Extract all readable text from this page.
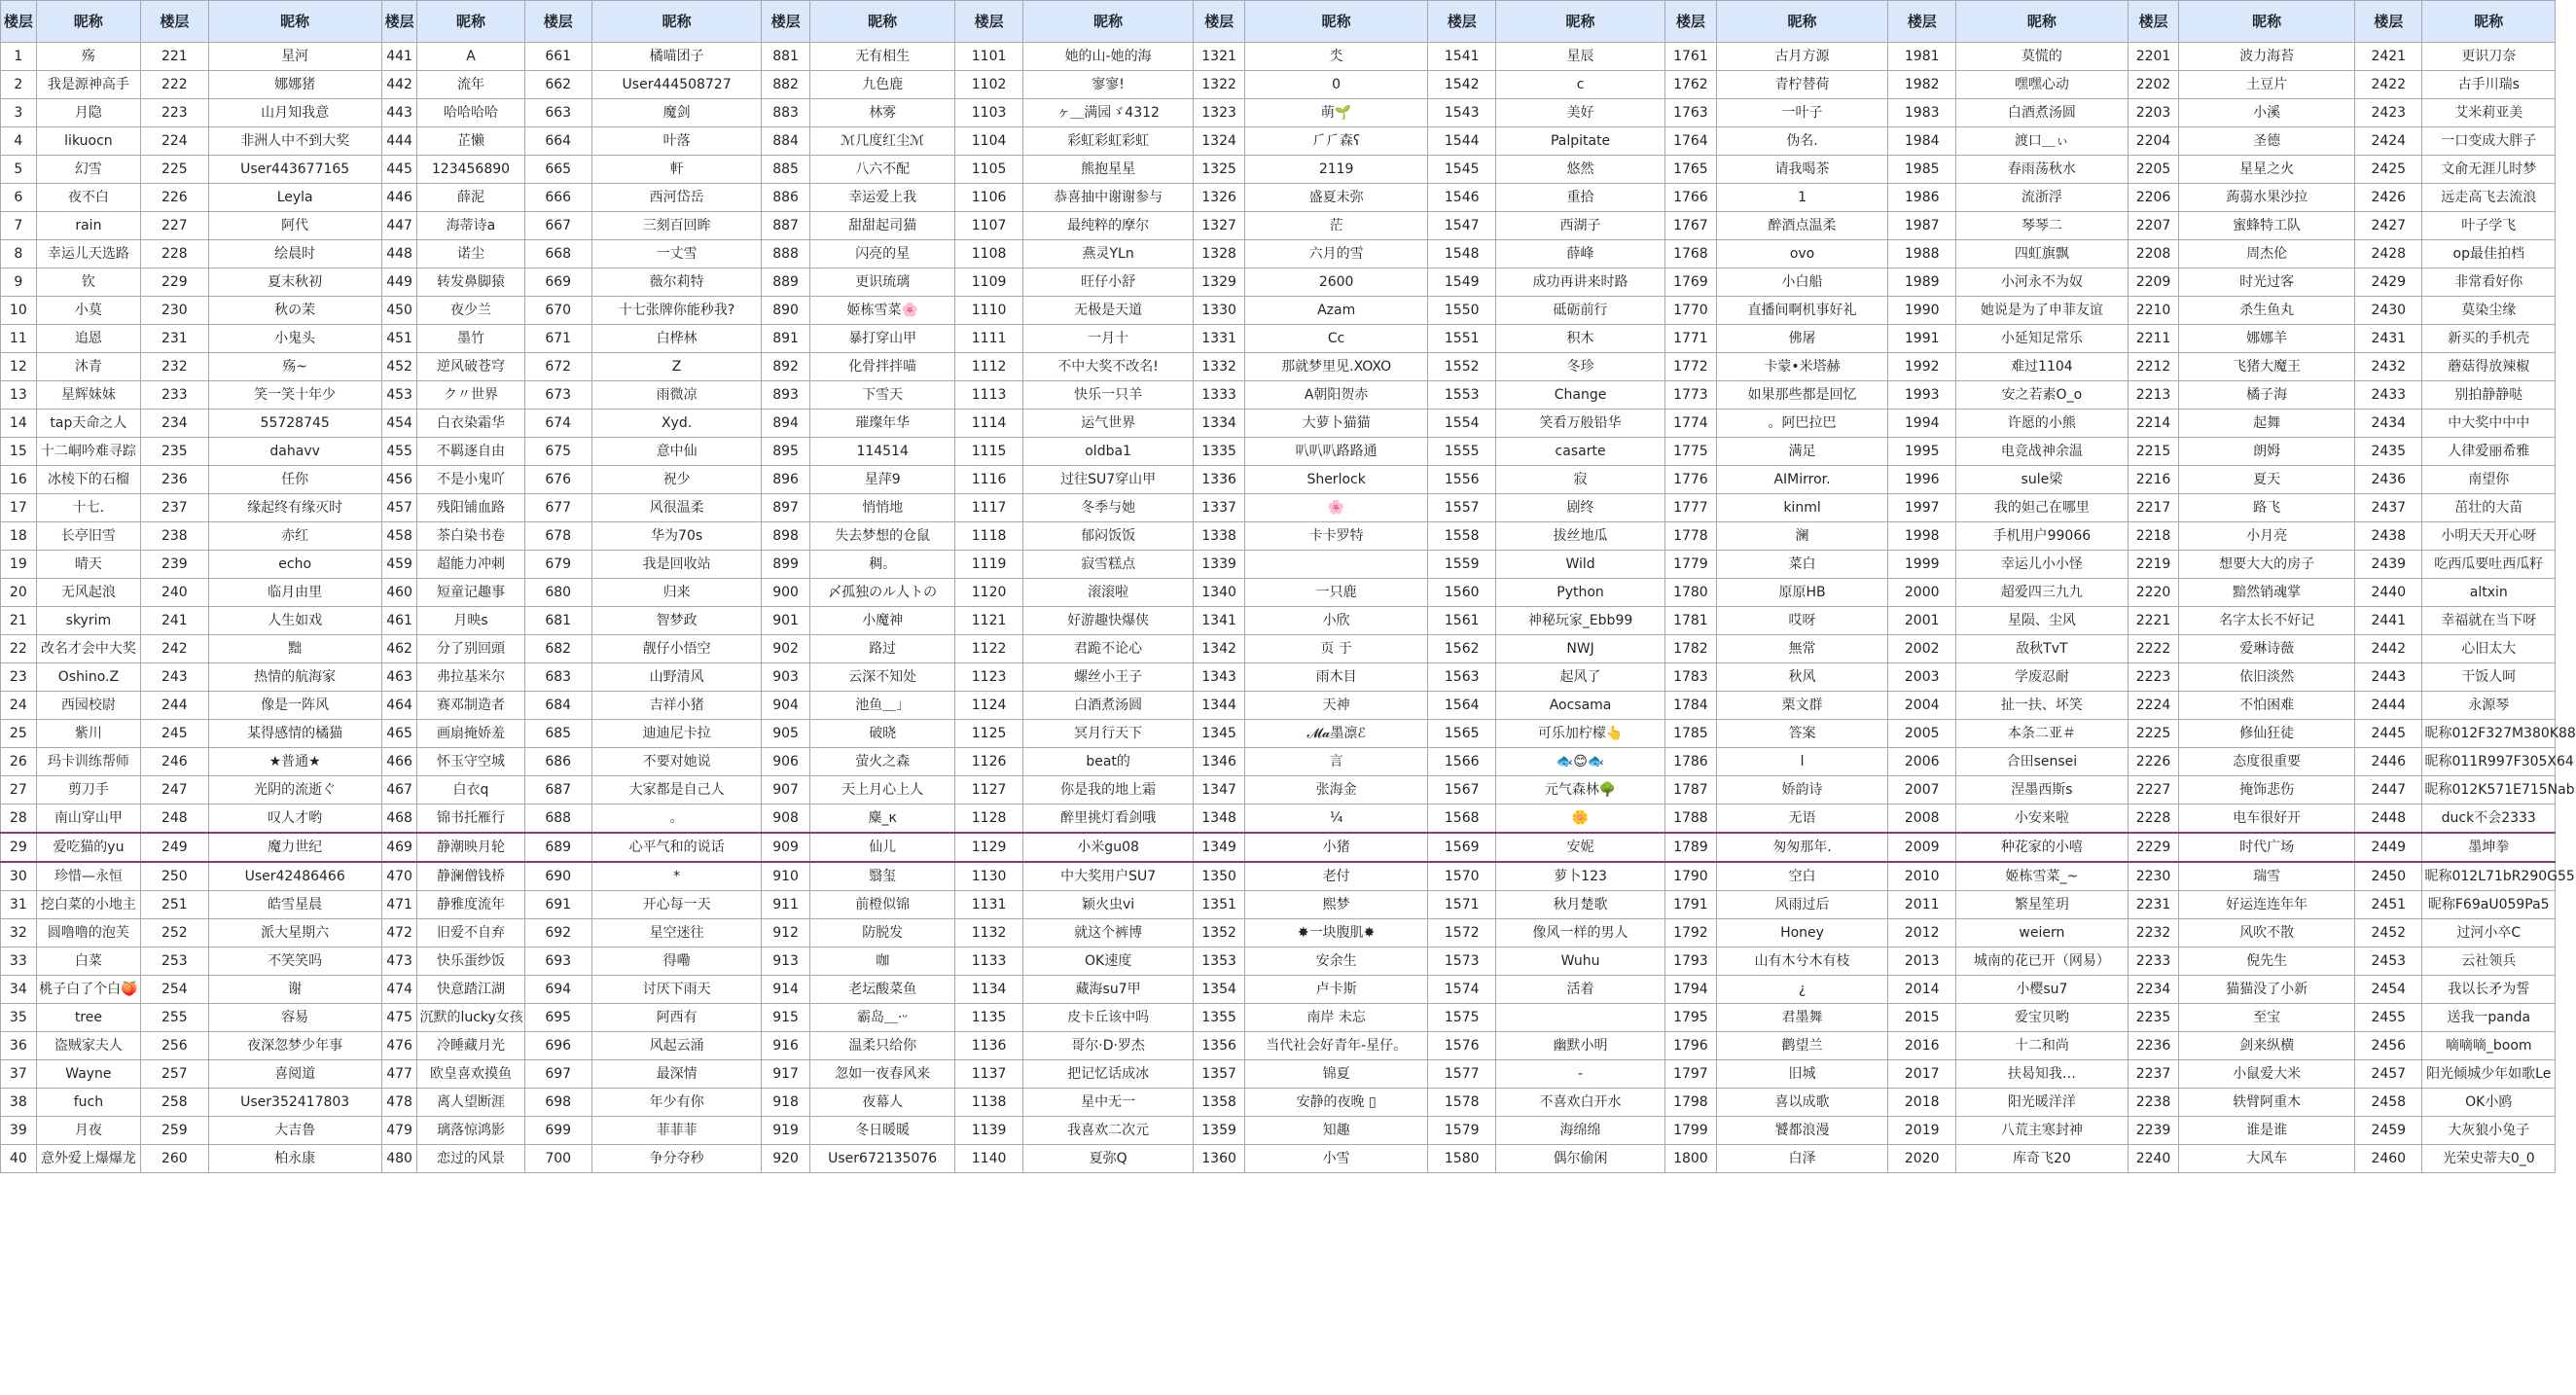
楼层	昵称	楼层	昵称	楼层	昵称	楼层	昵称	楼层	昵称	楼层	昵称	楼层	昵称	楼层	昵称	楼层	昵称	楼层	昵称	楼层	昵称	楼层	昵称
1	殇	221	星河	441	A	661	橘喵团子	881	无有相生	1101	她的山-她的海	1321	氼	1541	星辰	1761	古月方源	1981	莫慌的	2201	波力海苔	2421	更识刀奈
2	我是源神高手	222	娜娜猪	442	流年	662	User444508727	882	九色鹿	1102	寥寥!	1322	0	1542	c	1762	青柠替荷	1982	嘿嘿心动	2202	土豆片	2422	古手川瑞s
3	月隐	223	山月知我意	443	哈哈哈哈	663	魔剑	883	林雾	1103	ヶ＿满园ゞ4312	1323	萌🌱	1543	美好	1763	一叶子	1983	白酒煮汤圆	2203	小溪	2423	艾米莉亚美
4	likuocn	224	非洲人中不到大奖	444	芷懒	664	叶落	884	ℳ几度红尘ℳ	1104	彩虹彩虹彩虹	1324	⺁⺁森ʕ	1544	Palpitate	1764	伪名.	1984	渡口＿ぃ	2204	圣德	2424	一口变成大胖子
5	幻雪	225	User443677165	445	123456890	665	軒	885	八六不配	1105	熊抱星星	1325	2119	1545	悠然	1765	请我喝茶	1985	春雨荡秋水	2205	星星之火	2425	文俞无涯儿时梦
6	夜不白	226	Leyla	446	薛泥	666	西河岱岳	886	幸运爱上我	1106	恭喜抽中谢谢参与	1326	盛夏未弥	1546	重拾	1766	1	1986	流浙浮	2206	蒟蒻水果沙拉	2426	远走高飞去流浪
7	rain	227	阿代	447	海蒂诗a	667	三刻百回眸	887	甜甜起司猫	1107	最纯粹的摩尔	1327	茫	1547	西湖子	1767	醉酒点温柔	1987	琴琴二	2207	蜜蜂特工队	2427	叶子学飞
8	幸运儿天选路	228	绘晨时	448	诺尘	668	一丈雪	888	闪亮的星	1108	燕灵YLn	1328	六月的雪	1548	薛峰	1768	ovo	1988	四虹旗飘	2208	周杰伦	2428	op最佳拍档
9	钦	229	夏末秋初	449	转发鼻脚猿	669	薇尔莉特	889	更识琉璃	1109	旺仔小舒	1329	2600	1549	成功再讲来时路	1769	小白船	1989	小河永不为奴	2209	时光过客	2429	非常看好你
10	小莫	230	秋の茉	450	夜少兰	670	十七张牌你能秒我?	890	姬栋雪菜🌸	1110	无极是天道	1330	Azam	1550	砥砺前行	1770	直播间啊机事好礼	1990	她说是为了申菲友谊	2210	杀生鱼丸	2430	莫染尘缘
11	追恩	231	小鬼头	451	墨竹	671	白桦林	891	暴打穿山甲	1111	一月十	1331	Cc	1551	积木	1771	佛屠	1991	小延知足常乐	2211	娜娜羊	2431	新买的手机壳
12	沐青	232	殇~	452	逆风破苍穹	672	Z	892	化骨拌拌喵	1112	不中大奖不改名!	1332	那就梦里见.XOXO	1552	冬珍	1772	卡蒙•米塔赫	1992	难过1104	2212	飞猪大魔王	2432	蘑菇得放辣椒
13	星辉妹妹	233	笑一笑十年少	453	ク〃世界	673	雨微凉	893	下雪天	1113	快乐一只羊	1333	A朝阳贺赤	1553	Change	1773	如果那些都是回忆	1993	安之若素O_o	2213	橘子海	2433	别拍静静哒
14	tap天命之人	234	55728745	454	白衣染霜华	674	Xyd.	894	璀璨年华	1114	运气世界	1334	大萝卜猫猫	1554	笑看万般铅华	1774	。阿巴拉巴	1994	许愿的小熊	2214	起舞	2434	中大奖中中中
15	十二峒吟难寻踪	235	dahavv	455	不羁逐自由	675	意中仙	895	114514	1115	oldba1	1335	叭叭叭路路通	1555	casarte	1775	满足	1995	电竞战神余温	2215	朗姆	2435	人律爱丽希雅
16	冰棱下的石榴	236	任你	456	不是小鬼吖	676	祝少	896	星萍9	1116	过往SU7穿山甲	1336	Sherlock	1556	寂	1776	AIMirror.	1996	sule梁	2216	夏天	2436	南望你
17	十七.	237	缘起终有缘灭时	457	残阳铺血路	677	风很温柔	897	悄悄地	1117	冬季与她	1337	🌸	1557	剧终	1777	kinml	1997	我的妲己在哪里	2217	路飞	2437	茁壮的大苗
18	长亭旧雪	238	赤红	458	茶白染书卷	678	华为70s	898	失去梦想的仓鼠	1118	郁闷饭饭	1338	卡卡罗特	1558	拔丝地瓜	1778	澜	1998	手机用户99066	2218	小月亮	2438	小明天天开心呀
19	晴天	239	echo	459	超能力冲刺	679	我是回收站	899	稠。	1119	寂雪糕点	1339		1559	Wild	1779	菜白	1999	幸运儿小小怪	2219	想要大大的房子	2439	吃西瓜要吐西瓜籽
20	无风起浪	240	临月由里	460	短童记趣事	680	归来	900	〆孤独のル人トの	1120	滚滚啦	1340	一只鹿	1560	Python	1780	原原HB	2000	超爱四三九九	2220	黯然销魂掌	2440	altxin
21	skyrim	241	人生如戏	461	月映s	681	智梦政	901	小魔神	1121	好游趣快爆侠	1341	小欣	1561	神秘玩家_Ebb99	1781	哎呀	2001	星陨、尘风	2221	名字太长不好记	2441	幸福就在当下呀
22	改名才会中大奖	242	黜	462	分了别回頭	682	靓仔小悟空	902	路过	1122	君跪不论心	1342	页 于	1562	NWJ	1782	無常	2002	敌秋TvT	2222	爱琳诗薇	2442	心旧太大
23	Oshino.Z	243	热情的航海家	463	弗拉基米尔	683	山野清风	903	云深不知处	1123	螺丝小王子	1343	雨木目	1563	起风了	1783	秋风	2003	学废忍耐	2223	依旧淡然	2443	干饭人呵
24	西园校尉	244	像是一阵风	464	赛邓制造者	684	吉祥小猪	904	池鱼＿」	1124	白酒煮汤圆	1344	天神	1564	Aocsama	1784	栗文群	2004	扯一扶、坏笑	2224	不怕困难	2444	永源琴
25	紫川	245	某得感情的橘猫	465	画扇掩娇羞	685	迪迪尼卡拉	905	破晓	1125	冥月行天下	1345	𝓜𝓪墨凛ℰ	1565	可乐加柠檬👆	1785	答案	2005	本条二亚＃	2225	修仙狂徒	2445	昵称012F327M380K88
26	玛卡训练帮师	246	★普通★	466	怀玉守空城	686	不要对她说	906	萤火之森	1126	beat的	1346	言	1566	🐟😊🐟	1786	l	2006	合田sensei	2226	态度很重要	2446	昵称011R997F305X64
27	剪刀手	247	光阴的流逝ぐ	467	白衣q	687	大家都是自己人	907	天上月心上人	1127	你是我的地上霜	1347	张海金	1567	元气森林🌳	1787	娇韵诗	2007	涅墨西斯s	2227	掩饰悲伤	2447	昵称012K571E715Nab
28	南山穿山甲	248	叹人才哟	468	锦书托雁行	688	。	908	麋_к	1128	醉里挑灯看剑哦	1348	¼	1568	🌼	1788	无语	2008	小安来啦	2228	电车很好开	2448	duck不会2333
29	爱吃猫的yu	249	魔力世纪	469	静潮映月轮	689	心平气和的说话	909	仙儿	1129	小米gu08	1349	小猪	1569	安妮	1789	匆匆那年.	2009	种花家的小嘻	2229	时代广场	2449	墨坤拳
30	珍惜—永恒	250	User42486466	470	静澜僧钱桥	690	*	910	翳玺	1130	中大奖用户SU7	1350	老付	1570	萝卜123	1790	空白	2010	姬栋雪菜_~	2230	瑞雪	2450	昵称012L71bR290G55
31	挖白菜的小地主	251	皓雪星晨	471	静雅度流年	691	开心每一天	911	前橙似锦	1131	颖火虫vi	1351	熙梦	1571	秋月楚歌	1791	风雨过后	2011	繁星笙玥	2231	好运连连年年	2451	昵称F69aU059Pa5
32	圆噜噜的泡芙	252	派大星期六	472	旧爱不自弃	692	星空迷往	912	防脱发	1132	就这个裤博	1352	✸一块腹肌✸	1572	像风一样的男人	1792	Honey	2012	weiern	2232	风吹不散	2452	过河小卒C
33	白菜	253	不笑笑吗	473	快乐蛋纱饭	693	得嘞	913	咖	1133	OK速度	1353	安余生	1573	Wuhu	1793	山有木兮木有枝	2013	城南的花已开（网易）	2233	倪先生	2453	云社领兵
34	桃子白了个白🍑	254	谢	474	快意踏江湖	694	讨厌下雨天	914	老坛酸菜鱼	1134	藏海su7甲	1354	卢卡斯	1574	活着	1794	¿	2014	小樱su7	2234	猫猫没了小新	2454	我以长矛为誓
35	tree	255	容易	475	沉默的lucky女孩	695	阿西有	915	霸岛＿·ᵕ	1135	皮卡丘该中吗	1355	南岸 未忘	1575		1795	君墨舞	2015	爱宝贝哟	2235	至宝	2455	送我一panda
36	盗贼家夫人	256	夜深忽梦少年事	476	冷睡藏月光	696	风起云涌	916	温柔只给你	1136	哥尔·D·罗杰	1356	当代社会好青年-星仔。	1576	幽默小明	1796	鹳望兰	2016	十二和尚	2236	剑来纵横	2456	嘀嘀嘀_boom
37	Wayne	257	喜阅道	477	欧皇喜欢摸鱼	697	最深情	917	忽如一夜春风来	1137	把记忆话成冰	1357	锦夏	1577	-	1797	旧城	2017	扶曷知我…	2237	小鼠爱大米	2457	阳光倾城少年如歌Le
38	fuch	258	User352417803	478	离人望断涯	698	年少有你	918	夜幕人	1138	星中无一	1358	安静的夜晚 ▯	1578	不喜欢白开水	1798	喜以成歌	2018	阳光暖洋洋	2238	轶臂阿重木	2458	OK小鸥
39	月夜	259	大吉鲁	479	璃落惊鸿影	699	菲菲菲	919	冬日暖暖	1139	我喜欢二次元	1359	知趣	1579	海绵绵	1799	饕都浪漫	2019	八荒主寒封神	2239	谁是谁	2459	大灰狼小兔子
40	意外爱上爆爆龙	260	柏永康	480	恋过的风景	700	争分夺秒	920	User672135076	1140	夏弥Q	1360	小雪	1580	偶尔偷闲	1800	白泽	2020	库奇飞20	2240	大风车	2460	光荣史蒂夫0_0
